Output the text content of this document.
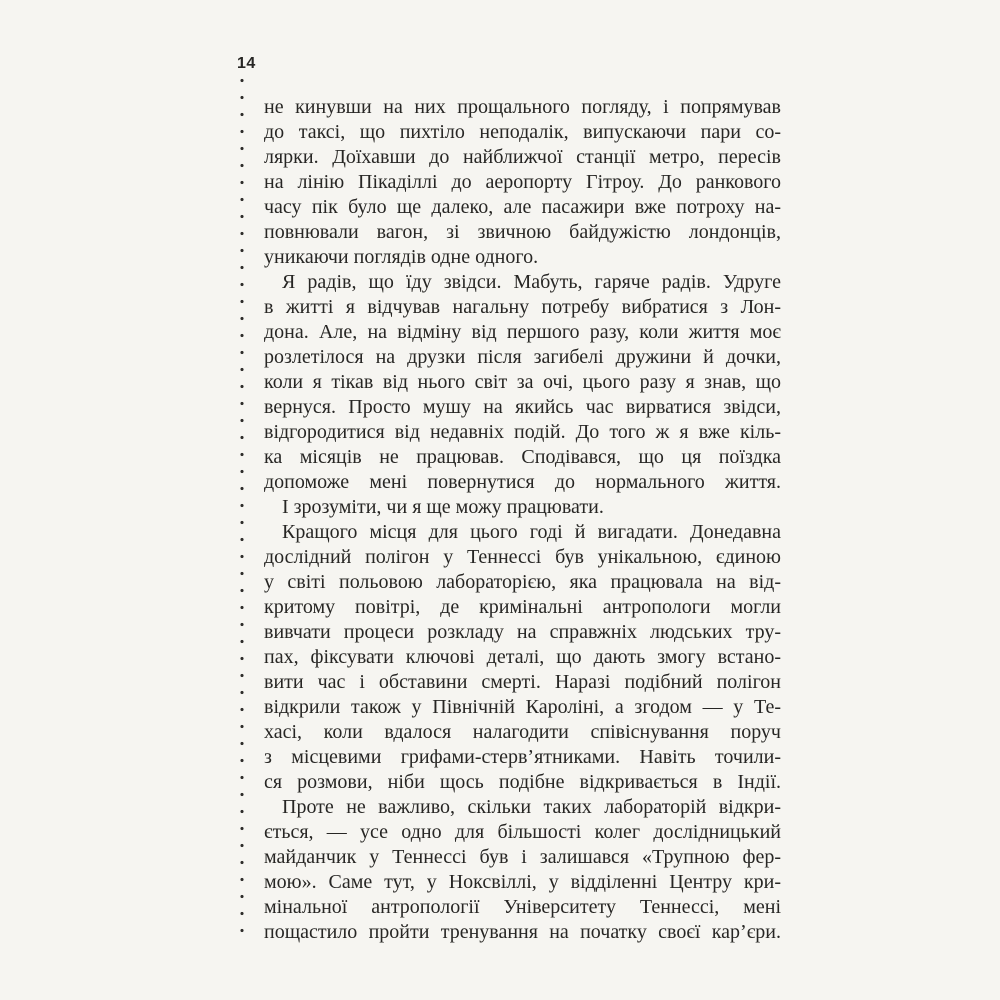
14
не кинувши на них прощального погляду, і попрямував
до таксі, що пихтіло неподалік, випускаючи пари со-
лярки. Доїхавши до найближчої станції метро, пересів
на лінію Пікаділлі до аеропорту Гітроу. До ранкового
часу пік було ще далеко, але пасажири вже потроху на-
повнювали вагон, зі звичною байдужістю лондонців,
уникаючи поглядів одне одного.
Я радів, що їду звідси. Мабуть, гаряче радів. Удруге
в житті я відчував нагальну потребу вибратися з Лон-
дона. Але, на відміну від першого разу, коли життя моє
розлетілося на друзки після загибелі дружини й дочки,
коли я тікав від нього світ за очі, цього разу я знав, що
вернуся. Просто мушу на якийсь час вирватися звідси,
відгородитися від недавніх подій. До того ж я вже кіль-
ка місяців не працював. Сподівався, що ця поїздка
допоможе мені повернутися до нормального життя.
І зрозуміти, чи я ще можу працювати.
Кращого місця для цього годі й вигадати. Донедавна
дослідний полігон у Теннессі був унікальною, єдиною
у світі польовою лабораторією, яка працювала на від-
критому повітрі, де кримінальні антропологи могли
вивчати процеси розкладу на справжніх людських тру-
пах, фіксувати ключові деталі, що дають змогу встано-
вити час і обставини смерті. Наразі подібний полігон
відкрили також у Північній Кароліні, а згодом — у Те-
хасі, коли вдалося налагодити співіснування поруч
з місцевими грифами-стерв’ятниками. Навіть точили-
ся розмови, ніби щось подібне відкривається в Індії.
Проте не важливо, скільки таких лабораторій відкри-
ється, — усе одно для більшості колег дослідницький
майданчик у Теннессі був і залишався «Трупною фер-
мою». Саме тут, у Ноксвіллі, у відділенні Центру кри-
мінальної антропології Університету Теннессі, мені
пощастило пройти тренування на початку своєї кар’єри.
